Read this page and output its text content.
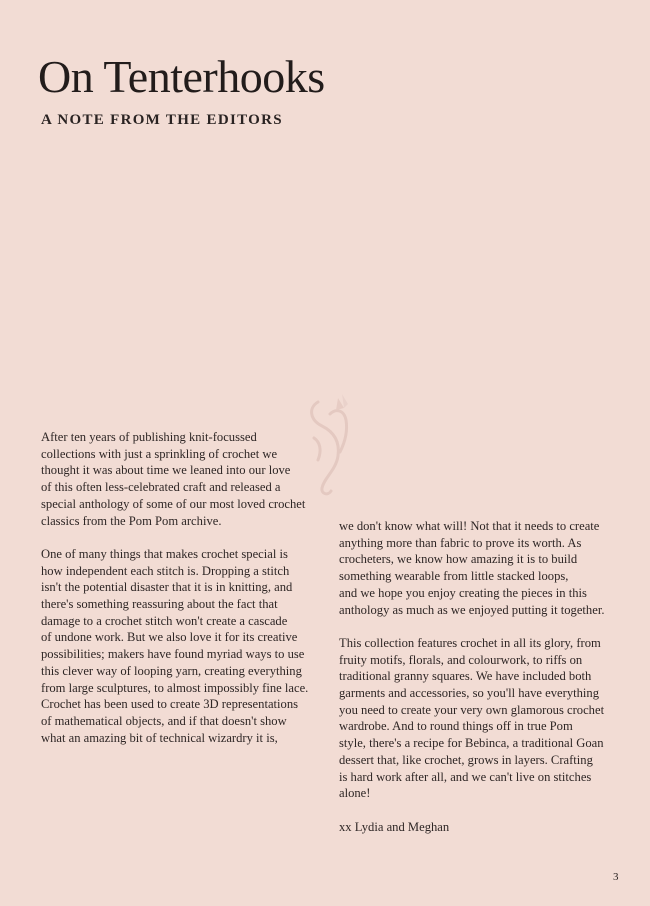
On Tenterhooks
A NOTE FROM THE EDITORS

After ten years of publishing knit-focussed
collections with just a sprinkling of crochet we
thought it was about time we leaned into our love
of this often less-celebrated craft and released a
special anthology of some of our most loved crochet
classics from the Pom Pom archive.

One of many things that makes crochet special is
how independent each stitch is. Dropping a stitch
isn't the potential disaster that it is in knitting, and
there's something reassuring about the fact that
damage to a crochet stitch won't create a cascade
of undone work. But we also love it for its creative
possibilities; makers have found myriad ways to use
this clever way of looping yarn, creating everything
from large sculptures, to almost impossibly fine lace.
Crochet has been used to create 3D representations
of mathematical objects, and if that doesn't show
what an amazing bit of technical wizardry it is,

we don't know what will! Not that it needs to create
anything more than fabric to prove its worth. As
crocheters, we know how amazing it is to build
something wearable from little stacked loops,
and we hope you enjoy creating the pieces in this
anthology as much as we enjoyed putting it together.

This collection features crochet in all its glory, from
fruity motifs, florals, and colourwork, to riffs on
traditional granny squares. We have included both
garments and accessories, so you'll have everything
you need to create your very own glamorous crochet
wardrobe. And to round things off in true Pom
style, there's a recipe for Bebinca, a traditional Goan
dessert that, like crochet, grows in layers. Crafting
is hard work after all, and we can't live on stitches
alone!

xx Lydia and Meghan

3
